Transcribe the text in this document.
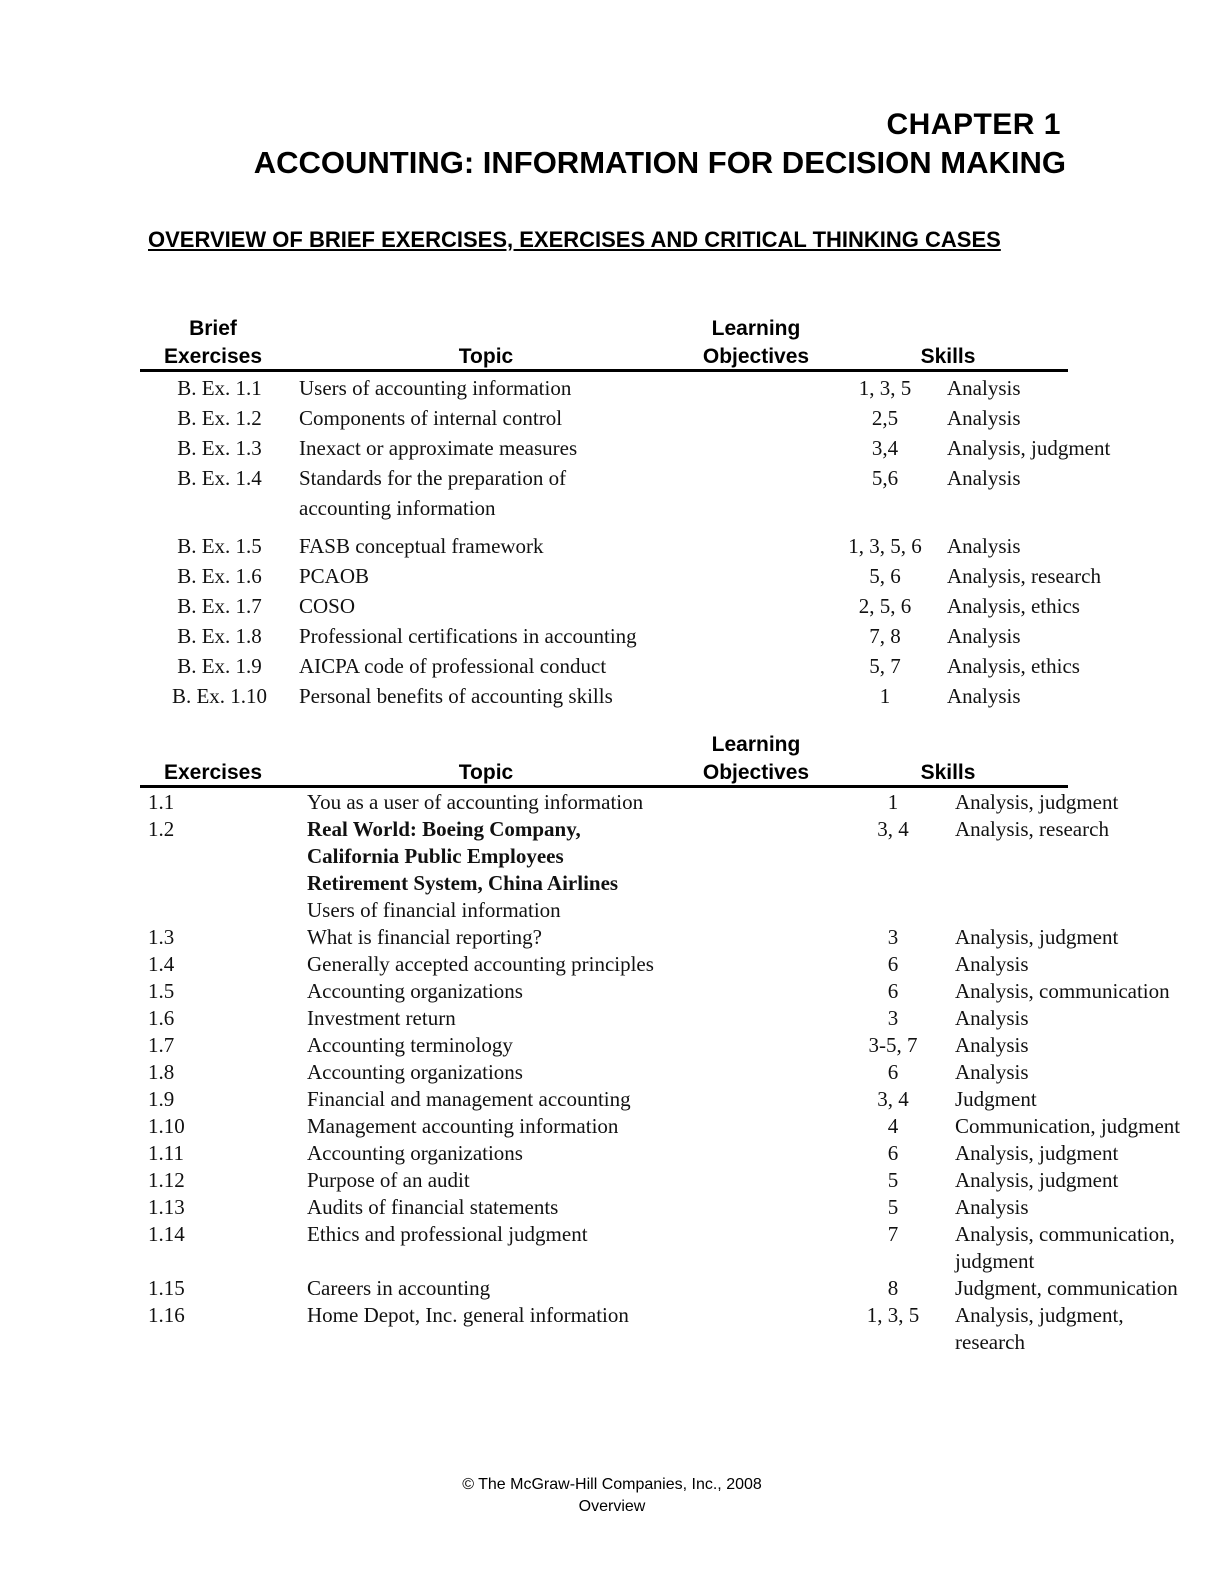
CHAPTER 1
ACCOUNTING: INFORMATION FOR DECISION MAKING
OVERVIEW OF BRIEF EXERCISES, EXERCISES AND CRITICAL THINKING CASES
Brief
Exercises	Topic
Learning
Objectives	Skills
B. Ex. 1.1	Users of accounting information	1, 3, 5	Analysis

B. Ex. 1.2	Components of internal control	2,5	Analysis

B. Ex. 1.3	Inexact or approximate measures	3,4	Analysis, judgment

B. Ex. 1.4	Standards for the preparation of
accounting information	5,6	Analysis

B. Ex. 1.5	FASB conceptual framework	1, 3, 5, 6	Analysis

B. Ex. 1.6	PCAOB	5, 6	Analysis, research

B. Ex. 1.7	COSO	2, 5, 6	Analysis, ethics

B. Ex. 1.8	Professional certifications in accounting	7, 8	Analysis

B. Ex. 1.9	AICPA code of professional conduct	5, 7	Analysis, ethics

B. Ex. 1.10	Personal benefits of accounting skills	1	Analysis
Exercises	Topic
Learning
Objectives	Skills
1.1	You as a user of accounting information	1	Analysis, judgment

1.2	Real World: Boeing Company,
California Public Employees
Retirement System, China Airlines
Users of financial information	3, 4	Analysis, research

1.3	What is financial reporting?	3	Analysis, judgment

1.4	Generally accepted accounting principles	6	Analysis

1.5	Accounting organizations	6	Analysis, communication

1.6	Investment return	3	Analysis

1.7	Accounting terminology	3-5, 7	Analysis

1.8	Accounting organizations	6	Analysis

1.9	Financial and management accounting	3, 4	Judgment

1.10	Management accounting information	4	Communication, judgment

1.11	Accounting organizations	6	Analysis, judgment

1.12	Purpose of an audit	5	Analysis, judgment

1.13	Audits of financial statements	5	Analysis

1.14	Ethics and professional judgment	7	Analysis, communication,
judgment

1.15	Careers in accounting	8	Judgment, communication

1.16	Home Depot, Inc. general information	1, 3, 5	Analysis, judgment,
research
© The McGraw-Hill Companies, Inc., 2008
Overview
